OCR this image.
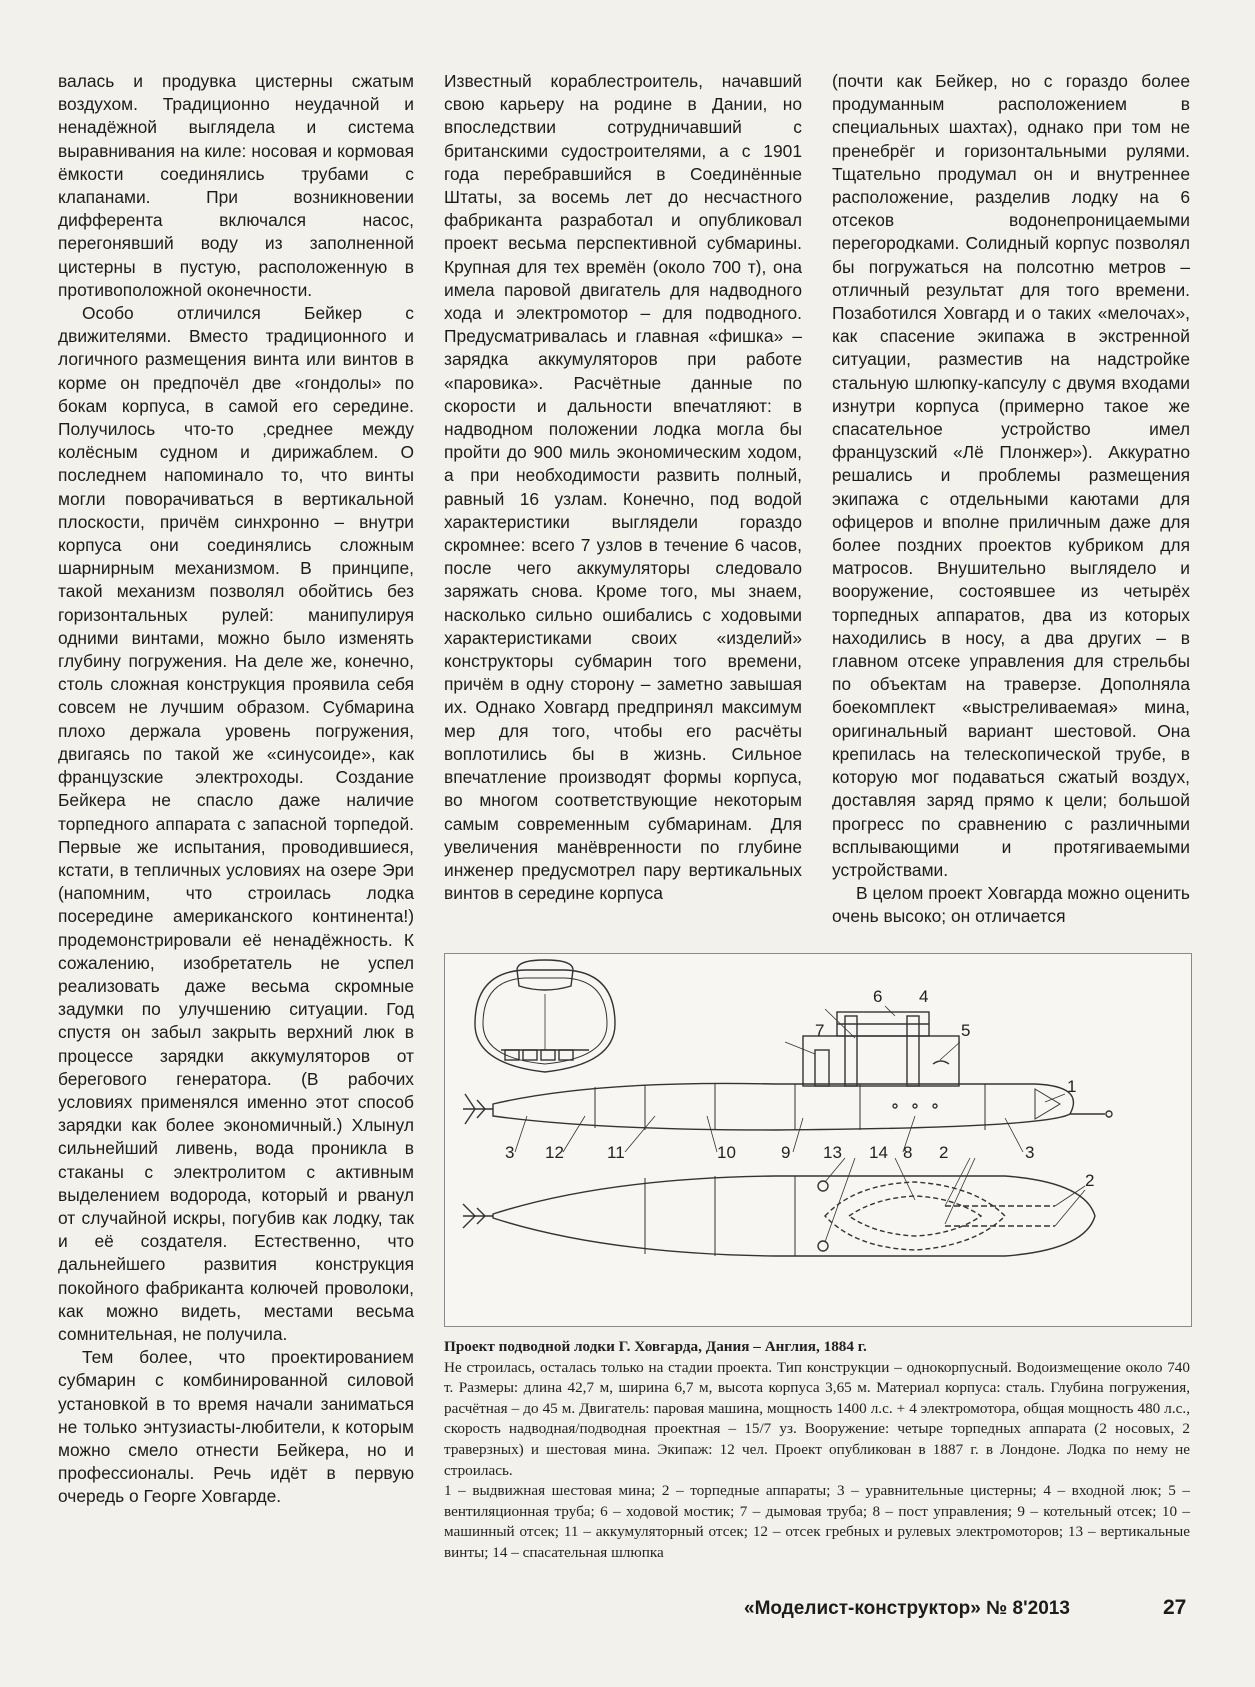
валась и продувка цистерны сжатым воздухом. Традиционно неудачной и ненадёжной выглядела и система выравнивания на киле: носовая и кормовая ёмкости соединялись трубами с клапанами. При возникновении дифферента включался насос, перегонявший воду из заполненной цистерны в пустую, расположенную в противоположной оконечности.

Особо отличился Бейкер с движителями. Вместо традиционного и логичного размещения винта или винтов в корме он предпочёл две «гондолы» по бокам корпуса, в самой его середине. Получилось что-то ‚среднее между колёсным судном и дирижаблем. О последнем напоминало то, что винты могли поворачиваться в вертикальной плоскости, причём синхронно – внутри корпуса они соединялись сложным шарнирным механизмом. В принципе, такой механизм позволял обойтись без горизонтальных рулей: манипулируя одними винтами, можно было изменять глубину погружения. На деле же, конечно, столь сложная конструкция проявила себя совсем не лучшим образом. Субмарина плохо держала уровень погружения, двигаясь по такой же «синусоиде», как французские электроходы. Создание Бейкера не спасло даже наличие торпедного аппарата с запасной торпедой. Первые же испытания, проводившиеся, кстати, в тепличных условиях на озере Эри (напомним, что строилась лодка посередине американского континента!) продемонстрировали её ненадёжность. К сожалению, изобретатель не успел реализовать даже весьма скромные задумки по улучшению ситуации. Год спустя он забыл закрыть верхний люк в процессе зарядки аккумуляторов от берегового генератора. (В рабочих условиях применялся именно этот способ зарядки как более экономичный.) Хлынул сильнейший ливень, вода проникла в стаканы с электролитом с активным выделением водорода, который и рванул от случайной искры, погубив как лодку, так и её создателя. Естественно, что дальнейшего развития конструкция покойного фабриканта колючей проволоки, как можно видеть, местами весьма сомнительная, не получила.

Тем более, что проектированием субмарин с комбинированной силовой установкой в то время начали заниматься не только энтузиасты-любители, к которым можно смело отнести Бейкера, но и профессионалы. Речь идёт в первую очередь о Георге Ховгарде.

Известный кораблестроитель, начавший свою карьеру на родине в Дании, но впоследствии сотрудничавший с британскими судостроителями, а с 1901 года перебравшийся в Соединённые Штаты, за восемь лет до несчастного фабриканта разработал и опубликовал проект весьма перспективной субмарины. Крупная для тех времён (около 700 т), она имела паровой двигатель для надводного хода и электромотор – для подводного. Предусматривалась и главная «фишка» – зарядка аккумуляторов при работе «паровика». Расчётные данные по скорости и дальности впечатляют: в надводном положении лодка могла бы пройти до 900 миль экономическим ходом, а при необходимости развить полный, равный 16 узлам. Конечно, под водой характеристики выглядели гораздо скромнее: всего 7 узлов в течение 6 часов, после чего аккумуляторы следовало заряжать снова. Кроме того, мы знаем, насколько сильно ошибались с ходовыми характеристиками своих «изделий» конструкторы субмарин того времени, причём в одну сторону – заметно завышая их. Однако Ховгард предпринял максимум мер для того, чтобы его расчёты воплотились бы в жизнь. Сильное впечатление производят формы корпуса, во многом соответствующие некоторым самым современным субмаринам. Для увеличения манёвренности по глубине инженер предусмотрел пару вертикальных винтов в середине корпуса

(почти как Бейкер, но с гораздо более продуманным расположением в специальных шахтах), однако при том не пренебрёг и горизонтальными рулями. Тщательно продумал он и внутреннее расположение, разделив лодку на 6 отсеков водонепроницаемыми перегородками. Солидный корпус позволял бы погружаться на полсотню метров – отличный результат для того времени. Позаботился Ховгард и о таких «мелочах», как спасение экипажа в экстренной ситуации, разместив на надстройке стальную шлюпку-капсулу с двумя входами изнутри корпуса (примерно такое же спасательное устройство имел французский «Лё Плонжер»). Аккуратно решались и проблемы размещения экипажа с отдельными каютами для офицеров и вполне приличным даже для более поздних проектов кубриком для матросов. Внушительно выглядело и вооружение, состоявшее из четырёх торпедных аппаратов, два из которых находились в носу, а два других – в главном отсеке управления для стрельбы по объектам на траверзе. Дополняла боекомплект «выстреливаемая» мина, оригинальный вариант шестовой. Она крепилась на телескопической трубе, в которую мог подаваться сжатый воздух, доставляя заряд прямо к цели; большой прогресс по сравнению с различными всплывающими и протягиваемыми устройствами.

В целом проект Ховгарда можно оценить очень высоко; он отличается

6 4
7	5
1
3 12	11	10	9 13 14 8 2	3
2

Проект подводной лодки Г. Ховгарда, Дания – Англия, 1884 г.

Не строилась, осталась только на стадии проекта. Тип конструкции – однокорпусный. Водоизмещение около 740 т. Размеры: длина 42,7 м, ширина 6,7 м, высота корпуса 3,65 м. Материал корпуса: сталь. Глубина погружения, расчётная – до 45 м. Двигатель: паровая машина, мощность 1400 л.с. + 4 электромотора, общая мощность 480 л.с., скорость надводная/подводная проектная – 15/7 уз. Вооружение: четыре торпедных аппарата (2 носовых, 2 траверзных) и шестовая мина. Экипаж: 12 чел. Проект опубликован в 1887 г. в Лондоне. Лодка по нему не строилась.

1 – выдвижная шестовая мина; 2 – торпедные аппараты; 3 – уравнительные цистерны; 4 – входной люк; 5 – вентиляционная труба; 6 – ходовой мостик; 7 – дымовая труба; 8 – пост управления; 9 – котельный отсек; 10 – машинный отсек; 11 – аккумуляторный отсек; 12 – отсек гребных и рулевых электромоторов; 13 – вертикальные винты; 14 – спасательная шлюпка

«Моделист-конструктор» № 8'2013	27
